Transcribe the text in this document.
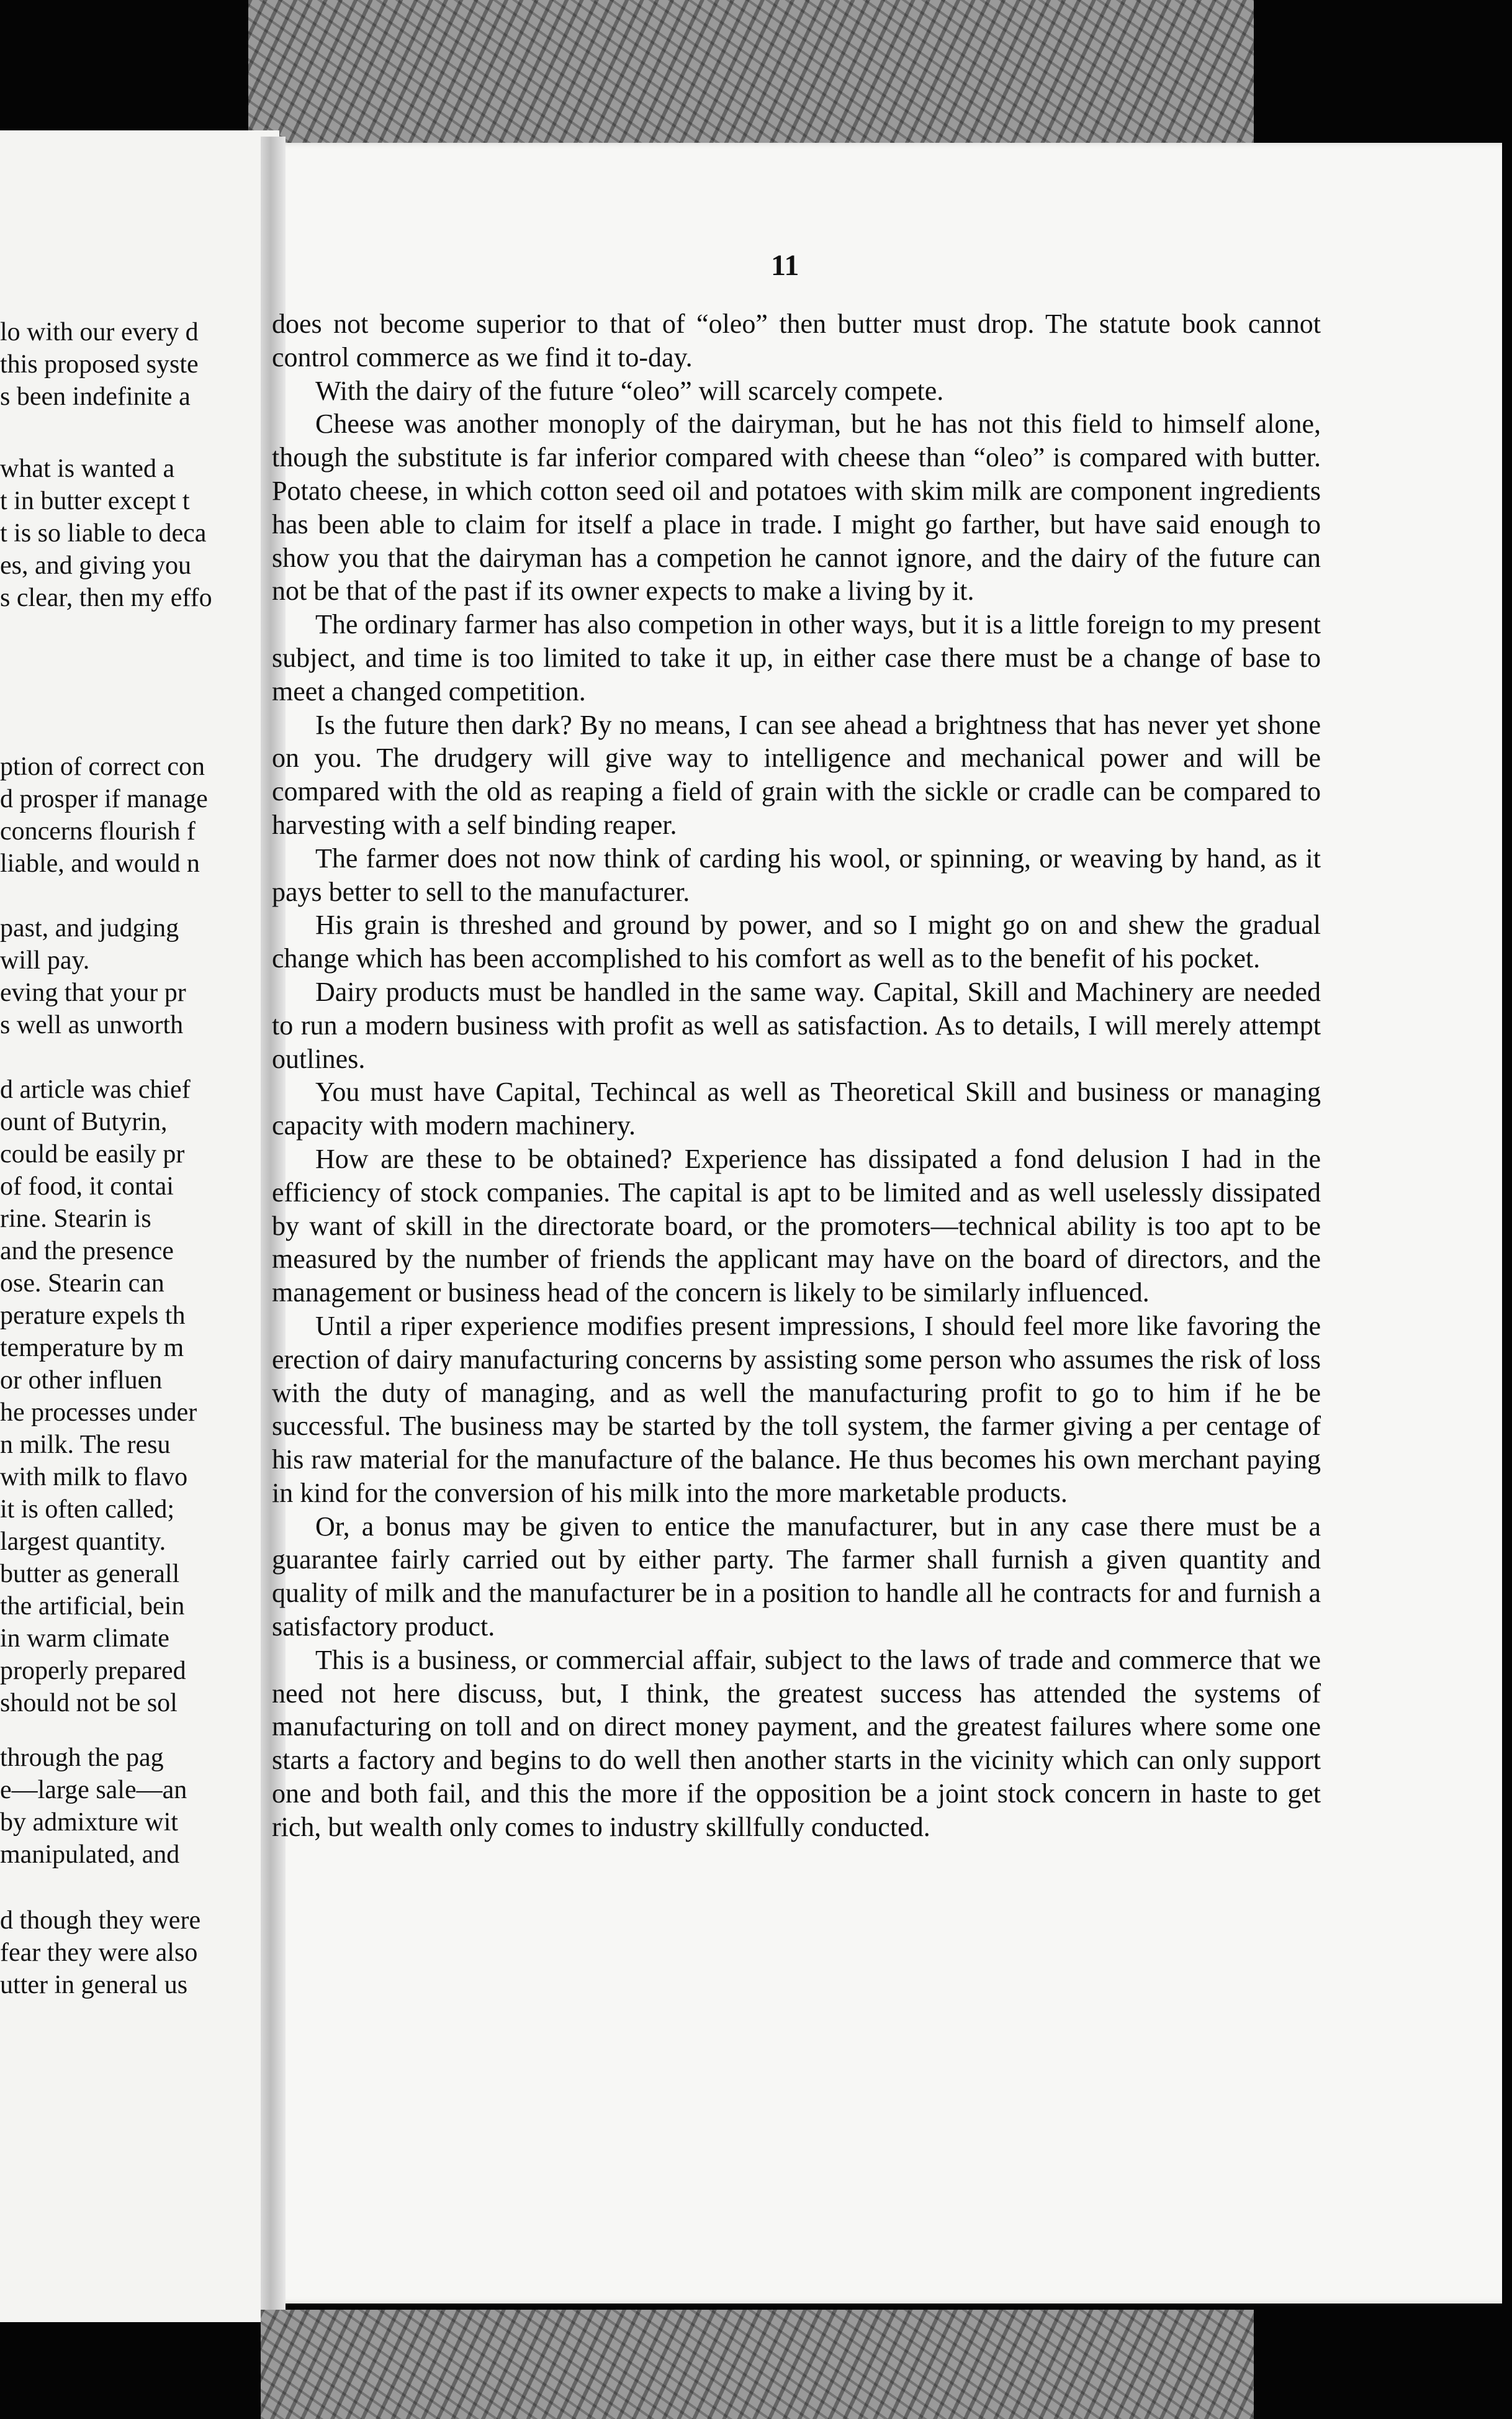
lo with our every d
this proposed syste
s been indefinite a
what is wanted a
t in butter except t
t is so liable to deca
es, and giving you
s clear, then my effo
ption of correct con
d prosper if manage
concerns flourish f
liable, and would n
past, and judging
will pay.
eving that your pr
s well as unworth
d article was chief
ount of Butyrin,
could be easily pr
of food, it contai
rine. Stearin is
and the presence
ose. Stearin can
perature expels th
temperature by m
or other influen
he processes under
n milk. The resu
with milk to flavo
it is often called;
largest quantity.
butter as generall
the artificial, bein
in warm climate
properly prepared
should not be sol
through the pag
e—large sale—an
by admixture wit
manipulated, and
d though they were
fear they were also
utter in general us
11

does not become superior to that of “oleo” then butter must drop. The statute book cannot control commerce as we find it to-day.

With the dairy of the future “oleo” will scarcely compete.

Cheese was another monoply of the dairyman, but he has not this field to himself alone, though the substitute is far inferior compared with cheese than “oleo” is compared with butter. Potato cheese, in which cotton seed oil and potatoes with skim milk are component ingredients has been able to claim for itself a place in trade. I might go farther, but have said enough to show you that the dairyman has a competion he cannot ignore, and the dairy of the future can not be that of the past if its owner expects to make a living by it.

The ordinary farmer has also competion in other ways, but it is a little foreign to my present subject, and time is too limited to take it up, in either case there must be a change of base to meet a changed competition.

Is the future then dark? By no means, I can see ahead a brightness that has never yet shone on you. The drudgery will give way to intelligence and mechanical power and will be compared with the old as reaping a field of grain with the sickle or cradle can be compared to harvesting with a self binding reaper.

The farmer does not now think of carding his wool, or spinning, or weaving by hand, as it pays better to sell to the manufacturer.

His grain is threshed and ground by power, and so I might go on and shew the gradual change which has been accomplished to his comfort as well as to the benefit of his pocket.

Dairy products must be handled in the same way. Capital, Skill and Machinery are needed to run a modern business with profit as well as satisfaction. As to details, I will merely attempt outlines.

You must have Capital, Techincal as well as Theoretical Skill and business or managing capacity with modern machinery.

How are these to be obtained? Experience has dissipated a fond delusion I had in the efficiency of stock companies. The capital is apt to be limited and as well uselessly dissipated by want of skill in the directorate board, or the promoters—technical ability is too apt to be measured by the number of friends the applicant may have on the board of directors, and the management or business head of the concern is likely to be similarly influenced.

Until a riper experience modifies present impressions, I should feel more like favoring the erection of dairy manufacturing concerns by assisting some person who assumes the risk of loss with the duty of managing, and as well the manufacturing profit to go to him if he be successful. The business may be started by the toll system, the farmer giving a per centage of his raw material for the manufacture of the balance. He thus becomes his own merchant paying in kind for the conversion of his milk into the more marketable products.

Or, a bonus may be given to entice the manufacturer, but in any case there must be a guarantee fairly carried out by either party. The farmer shall furnish a given quantity and quality of milk and the manufacturer be in a position to handle all he contracts for and furnish a satisfactory product.

This is a business, or commercial affair, subject to the laws of trade and commerce that we need not here discuss, but, I think, the greatest success has attended the systems of manufacturing on toll and on direct money payment, and the greatest failures where some one starts a factory and begins to do well then another starts in the vicinity which can only support one and both fail, and this the more if the opposition be a joint stock concern in haste to get rich, but wealth only comes to industry skillfully conducted.
